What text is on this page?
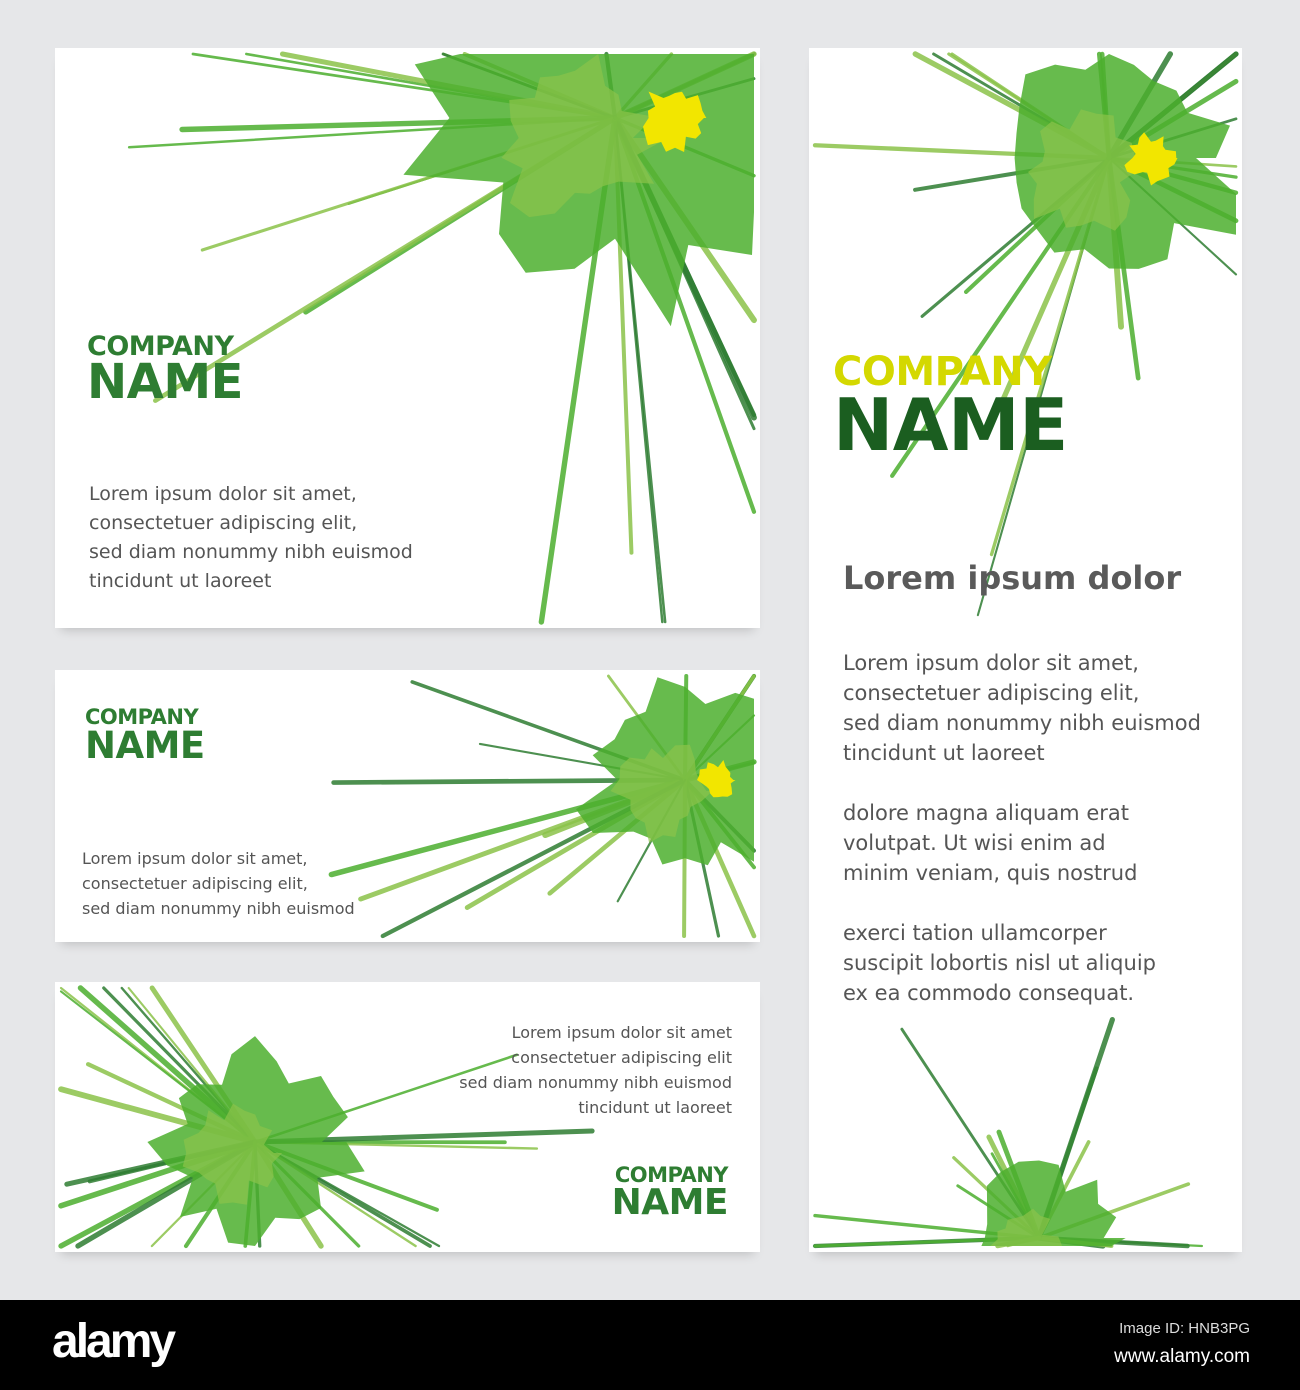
COMPANY
NAME
Lorem ipsum dolor sit amet,
consectetuer adipiscing elit,
sed diam nonummy nibh euismod
tincidunt ut laoreet
COMPANY
NAME
Lorem ipsum dolor sit amet,
consectetuer adipiscing elit,
sed diam nonummy nibh euismod
Lorem ipsum dolor sit amet
consectetuer adipiscing elit
sed diam nonummy nibh euismod
tincidunt ut laoreet
COMPANY
NAME
COMPANY
NAME
Lorem ipsum dolor
Lorem ipsum dolor sit amet,
consectetuer adipiscing elit,
sed diam nonummy nibh euismod
tincidunt ut laoreet
dolore magna aliquam erat
volutpat. Ut wisi enim ad
minim veniam, quis nostrud
exerci tation ullamcorper
suscipit lobortis nisl ut aliquip
ex ea commodo consequat.
alamy	Image ID: HNB3PG
www.alamy.com
